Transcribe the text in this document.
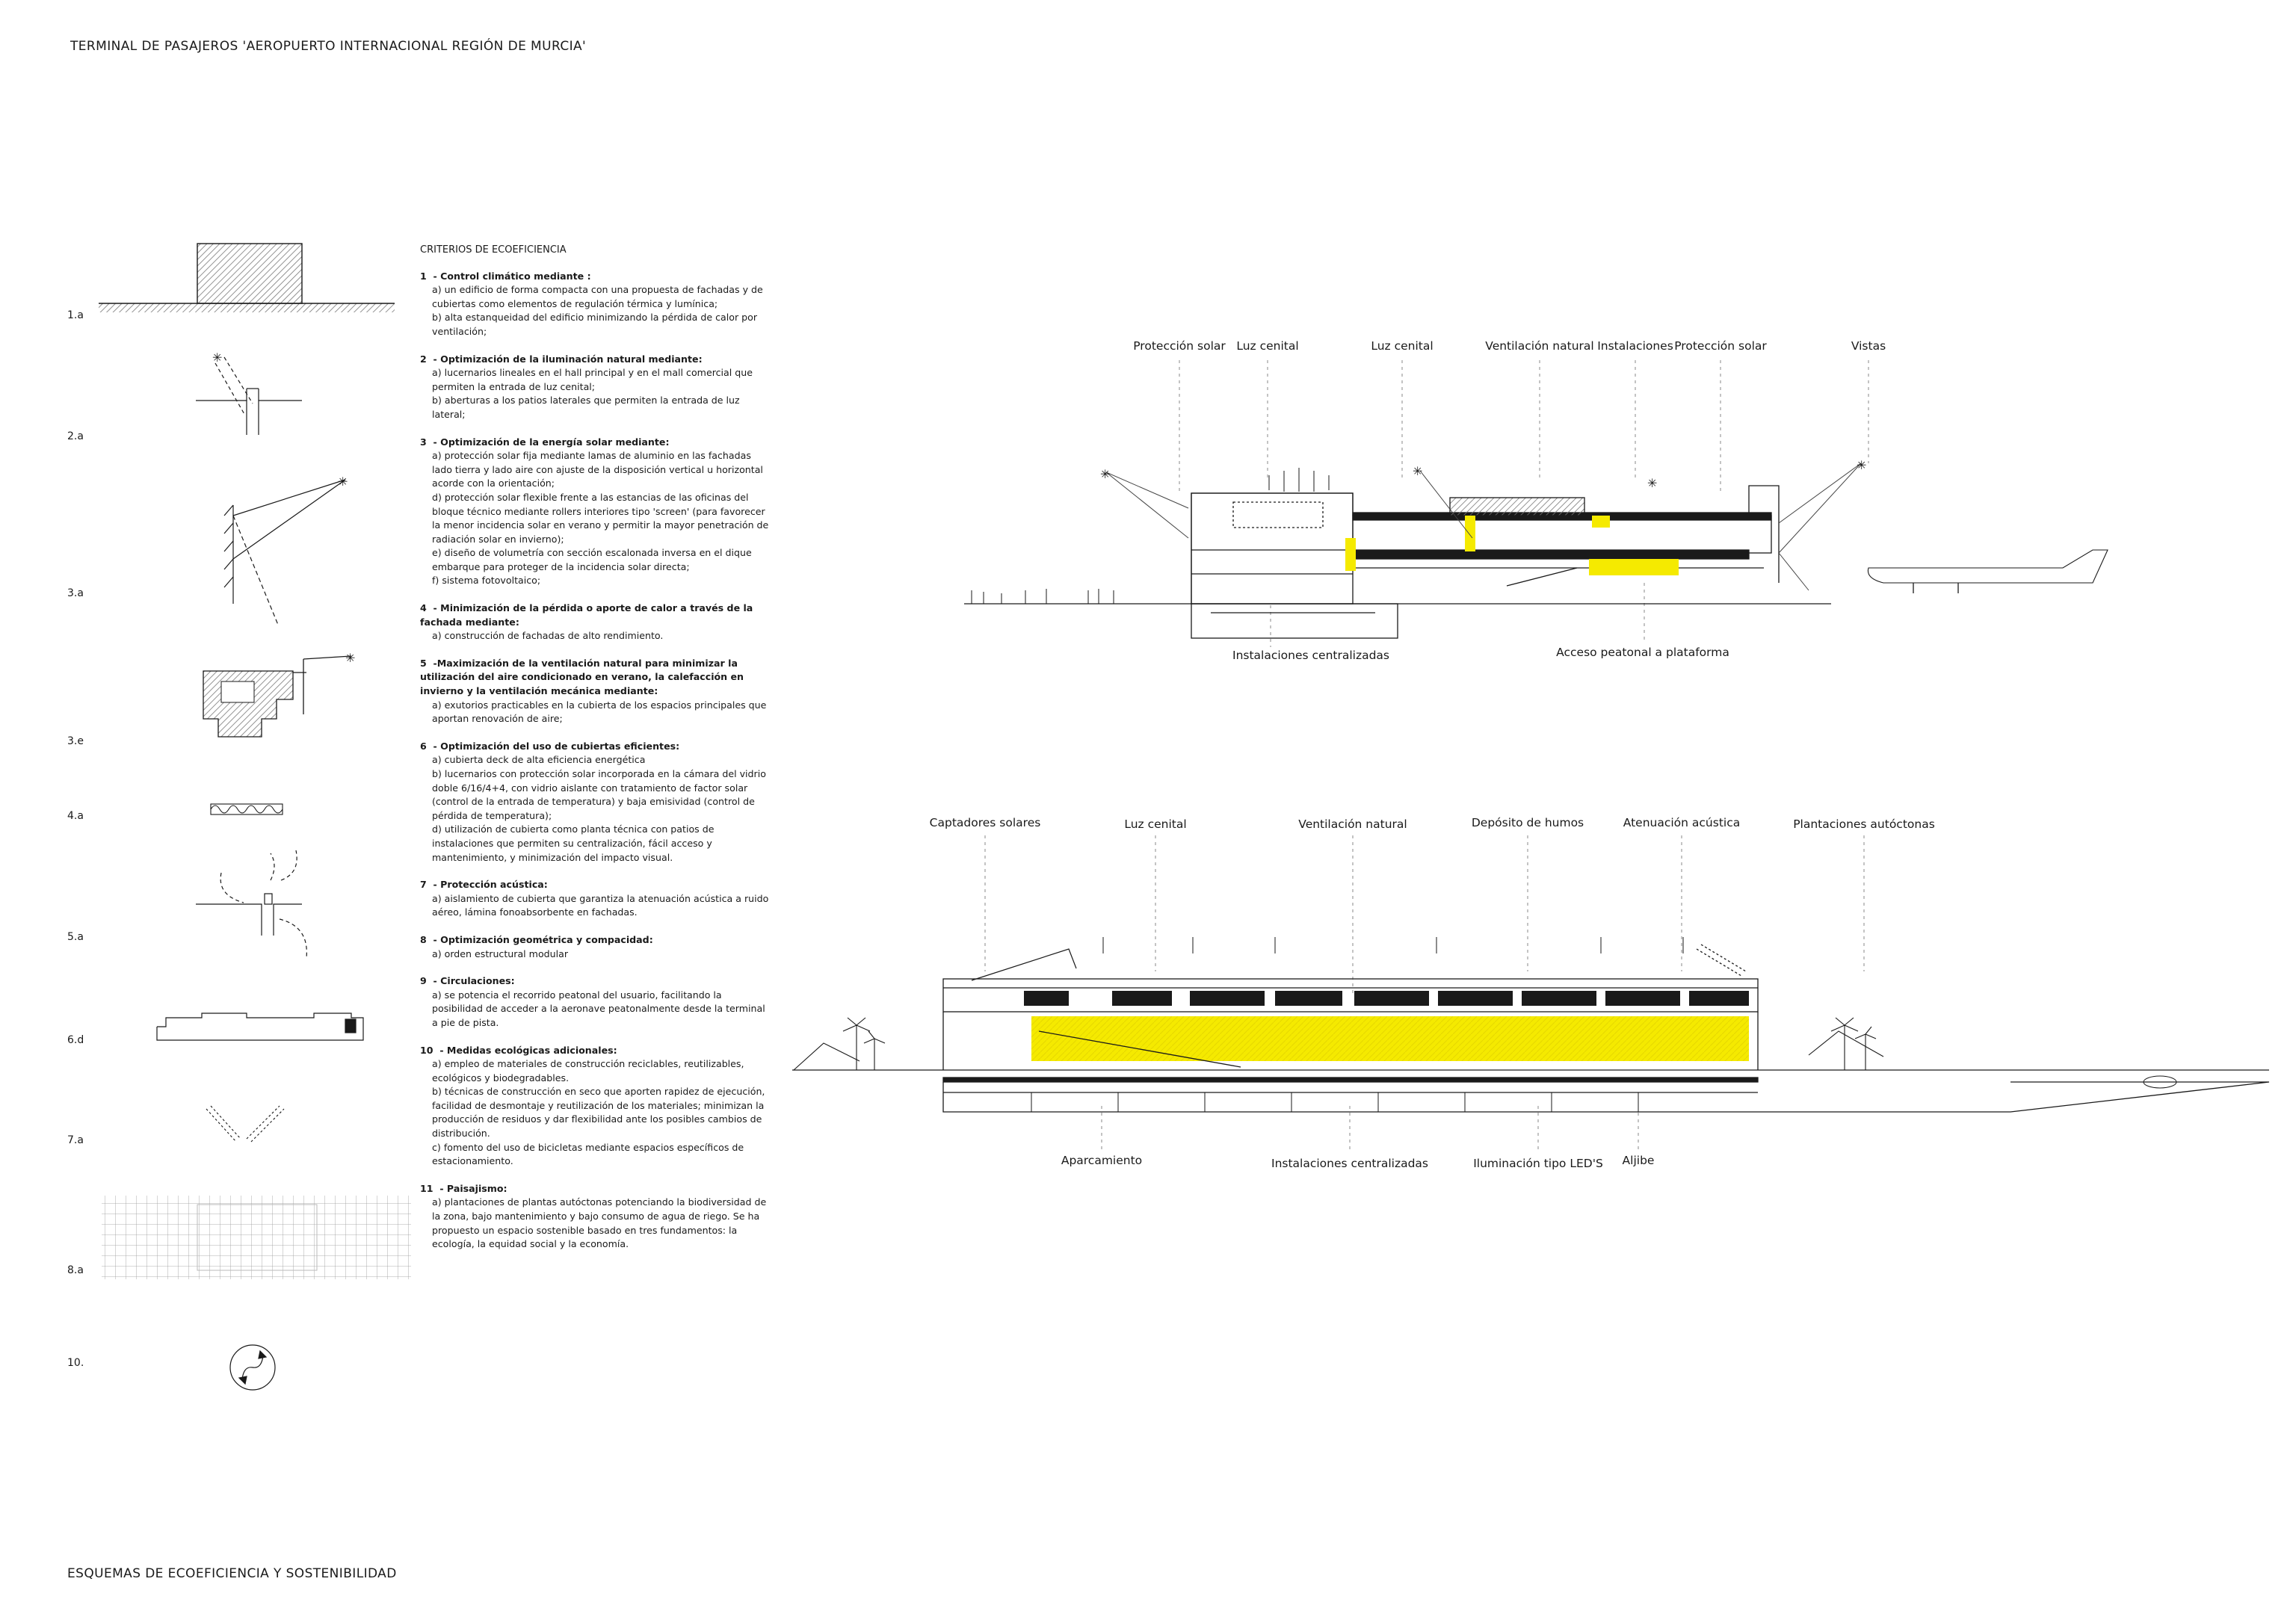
TERMINAL DE PASAJEROS 'AEROPUERTO INTERNACIONAL REGIÓN DE MURCIA'
ESQUEMAS DE ECOEFICIENCIA Y SOSTENIBILIDAD
1.a
2.a
3.a
3.e
4.a
5.a
6.d
7.a
8.a
10.
✳
✳
✳
CRITERIOS DE ECOEFICIENCIA
1 - Control climático mediante :
a) un edificio de forma compacta con una propuesta de fachadas y de cubiertas como elementos de regulación térmica y lumínica;
b) alta estanqueidad del edificio minimizando la pérdida de calor por ventilación;
2 - Optimización de la iluminación natural mediante:
a) lucernarios lineales en el hall principal y en el mall comercial que permiten la entrada de luz cenital;
b) aberturas a los patios laterales que permiten la entrada de luz lateral;
3 - Optimización de la energía solar mediante:
a) protección solar fija mediante lamas de aluminio en las fachadas lado tierra y lado aire con ajuste de la disposición vertical u horizontal acorde con la orientación;
d) protección solar flexible frente a las estancias de las oficinas del bloque técnico mediante rollers interiores tipo 'screen' (para favorecer la menor incidencia solar en verano y permitir la mayor penetración de radiación solar en invierno);
e) diseño de volumetría con sección escalonada inversa en el dique embarque para proteger de la incidencia solar directa;
f) sistema fotovoltaico;
4 - Minimización de la pérdida o aporte de calor a través de la fachada mediante:
a) construcción de fachadas de alto rendimiento.
5 -Maximización de la ventilación natural para minimizar la utilización del aire condicionado en verano, la calefacción en invierno y la ventilación mecánica mediante:
a) exutorios practicables en la cubierta de los espacios principales que aportan renovación de aire;
6 - Optimización del uso de cubiertas eficientes:
a) cubierta deck de alta eficiencia energética
b) lucernarios con protección solar incorporada en la cámara del vidrio doble 6/16/4+4, con vidrio aislante con tratamiento de factor solar (control de la entrada de temperatura) y baja emisividad (control de pérdida de temperatura);
d) utilización de cubierta como planta técnica con patios de instalaciones que permiten su centralización, fácil acceso y mantenimiento, y minimización del impacto visual.
7 - Protección acústica:
a) aislamiento de cubierta que garantiza la atenuación acústica a ruido aéreo, lámina fonoabsorbente en fachadas.
8 - Optimización geométrica y compacidad:
a) orden estructural modular
9 - Circulaciones:
a) se potencia el recorrido peatonal del usuario, facilitando la posibilidad de acceder a la aeronave peatonalmente desde la terminal a pie de pista.
10 - Medidas ecológicas adicionales:
a) empleo de materiales de construcción reciclables, reutilizables, ecológicos y biodegradables.
b) técnicas de construcción en seco que aporten rapidez de ejecución, facilidad de desmontaje y reutilización de los materiales; minimizan la producción de residuos y dar flexibilidad ante los posibles cambios de distribución.
c) fomento del uso de bicicletas mediante espacios específicos de estacionamiento.
11 - Paisajismo:
a) plantaciones de plantas autóctonas potenciando la biodiversidad de la zona, bajo mantenimiento y bajo consumo de agua de riego. Se ha propuesto un espacio sostenible basado en tres fundamentos: la ecología, la equidad social y la economía.
✳	✳	✳
✳
Protección solar Luz cenital	Luz cenital	Ventilación natural Instalaciones Protección solar	Vistas
Instalaciones centralizadas	Acceso peatonal a plataforma
Captadores solares	Luz cenital	Ventilación natural	Depósito de humos	Atenuación acústica	Plantaciones autóctonas
Aparcamiento	Instalaciones centralizadas	Iluminación tipo LED'S Aljibe
